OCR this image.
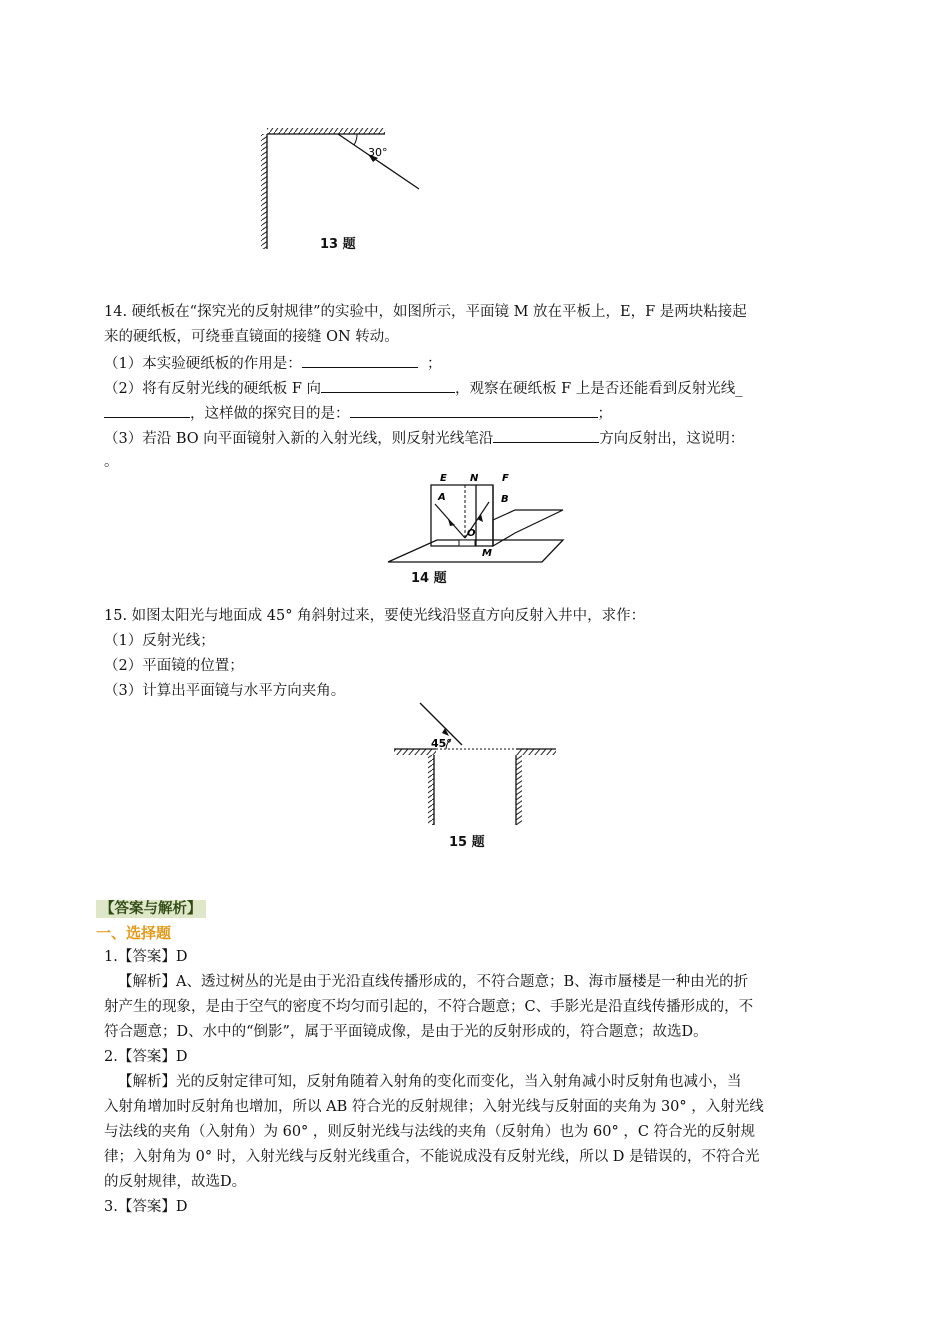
30°
13 题
14. 硬纸板在“探究光的反射规律”的实验中，如图所示，平面镜 M 放在平板上，E，F 是两块粘接起
来的硬纸板，可绕垂直镜面的接缝 ON 转动。
（1）本实验硬纸板的作用是：	；
（2）将有反射光线的硬纸板 F 向	，观察在硬纸板 F 上是否还能看到反射光线_
，这样做的探究目的是：	；
（3）若沿 BO 向平面镜射入新的入射光线，则反射光线笔沿	方向反射出，这说明：
。
E N F
A	B
O
M
14 题
15. 如图太阳光与地面成 45° 角斜射过来，要使光线沿竖直方向反射入井中，求作：
（1）反射光线；
（2）平面镜的位置；
（3）计算出平面镜与水平方向夹角。
45°
15 题
【答案与解析】
一、选择题
1.【答案】D
【解析】A、透过树丛的光是由于光沿直线传播形成的，不符合题意；B、海市蜃楼是一种由光的折
射产生的现象，是由于空气的密度不均匀而引起的，不符合题意；C、手影光是沿直线传播形成的，不
符合题意；D、水中的“倒影”，属于平面镜成像，是由于光的反射形成的，符合题意；故选D。
2.【答案】D
【解析】光的反射定律可知，反射角随着入射角的变化而变化，当入射角减小时反射角也减小，当
入射角增加时反射角也增加，所以 AB 符合光的反射规律；入射光线与反射面的夹角为 30° ，入射光线
与法线的夹角（入射角）为 60° ，则反射光线与法线的夹角（反射角）也为 60° ，C 符合光的反射规
律；入射角为 0° 时，入射光线与反射光线重合，不能说成没有反射光线，所以 D 是错误的，不符合光
的反射规律，故选D。
3.【答案】D
